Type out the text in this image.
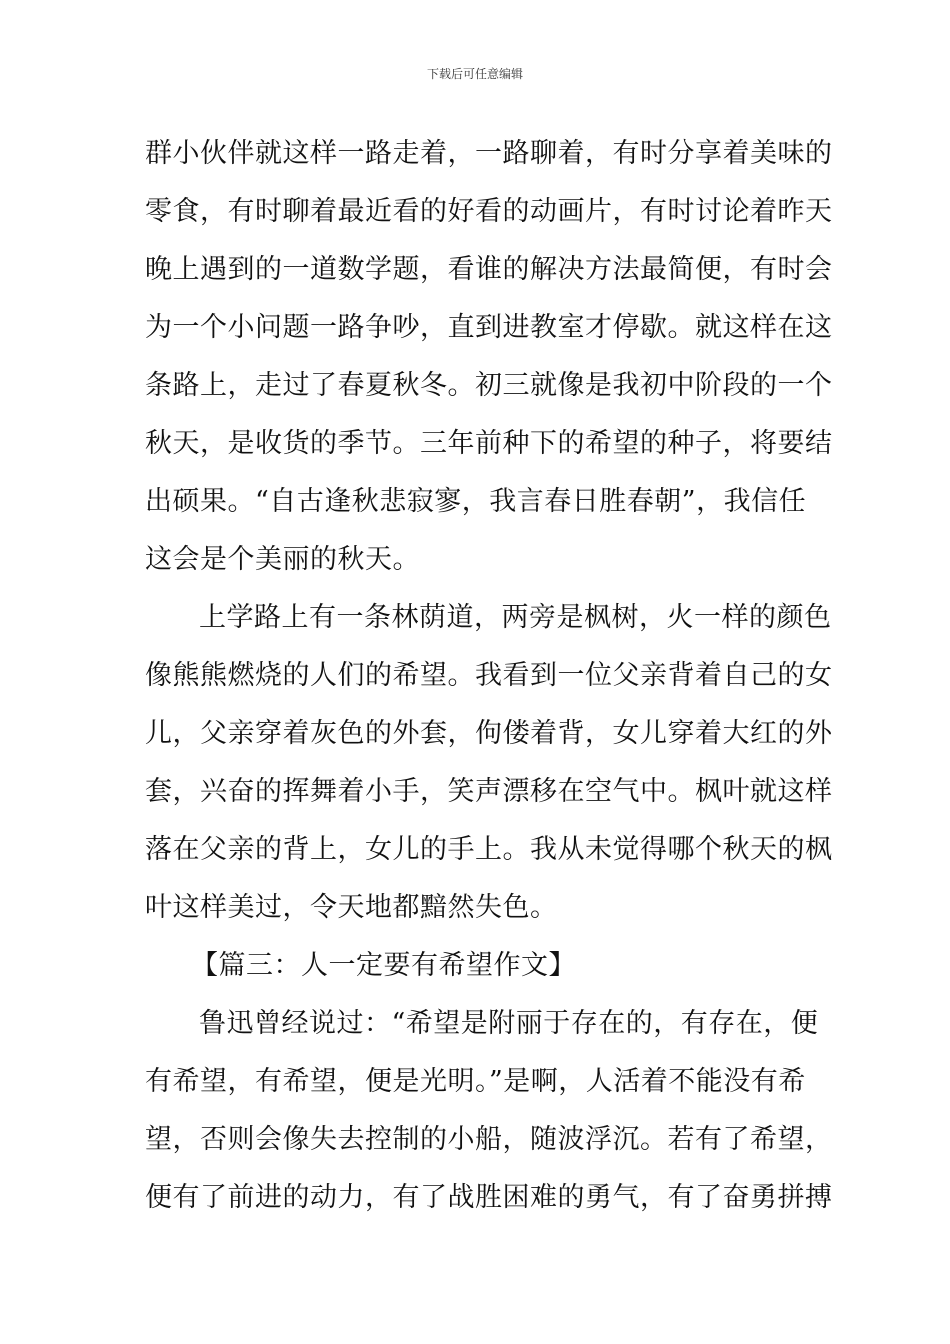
下载后可任意编辑
群小伙伴就这样一路走着，一路聊着，有时分享着美味的
零食，有时聊着最近看的好看的动画片，有时讨论着昨天
晚上遇到的一道数学题，看谁的解决方法最简便，有时会
为一个小问题一路争吵，直到进教室才停歇。就这样在这
条路上，走过了春夏秋冬。初三就像是我初中阶段的一个
秋天，是收货的季节。三年前种下的希望的种子，将要结
出硕果。“自古逢秋悲寂寥，我言春日胜春朝”，我信任
这会是个美丽的秋天。
上学路上有一条林荫道，两旁是枫树，火一样的颜色
像熊熊燃烧的人们的希望。我看到一位父亲背着自己的女
儿，父亲穿着灰色的外套，佝偻着背，女儿穿着大红的外
套，兴奋的挥舞着小手，笑声漂移在空气中。枫叶就这样
落在父亲的背上，女儿的手上。我从未觉得哪个秋天的枫
叶这样美过，令天地都黯然失色。
【篇三：人一定要有希望作文】
鲁迅曾经说过：“希望是附丽于存在的，有存在，便
有希望，有希望，便是光明。”是啊，人活着不能没有希
望，否则会像失去控制的小船，随波浮沉。若有了希望，
便有了前进的动力，有了战胜困难的勇气，有了奋勇拼搏
